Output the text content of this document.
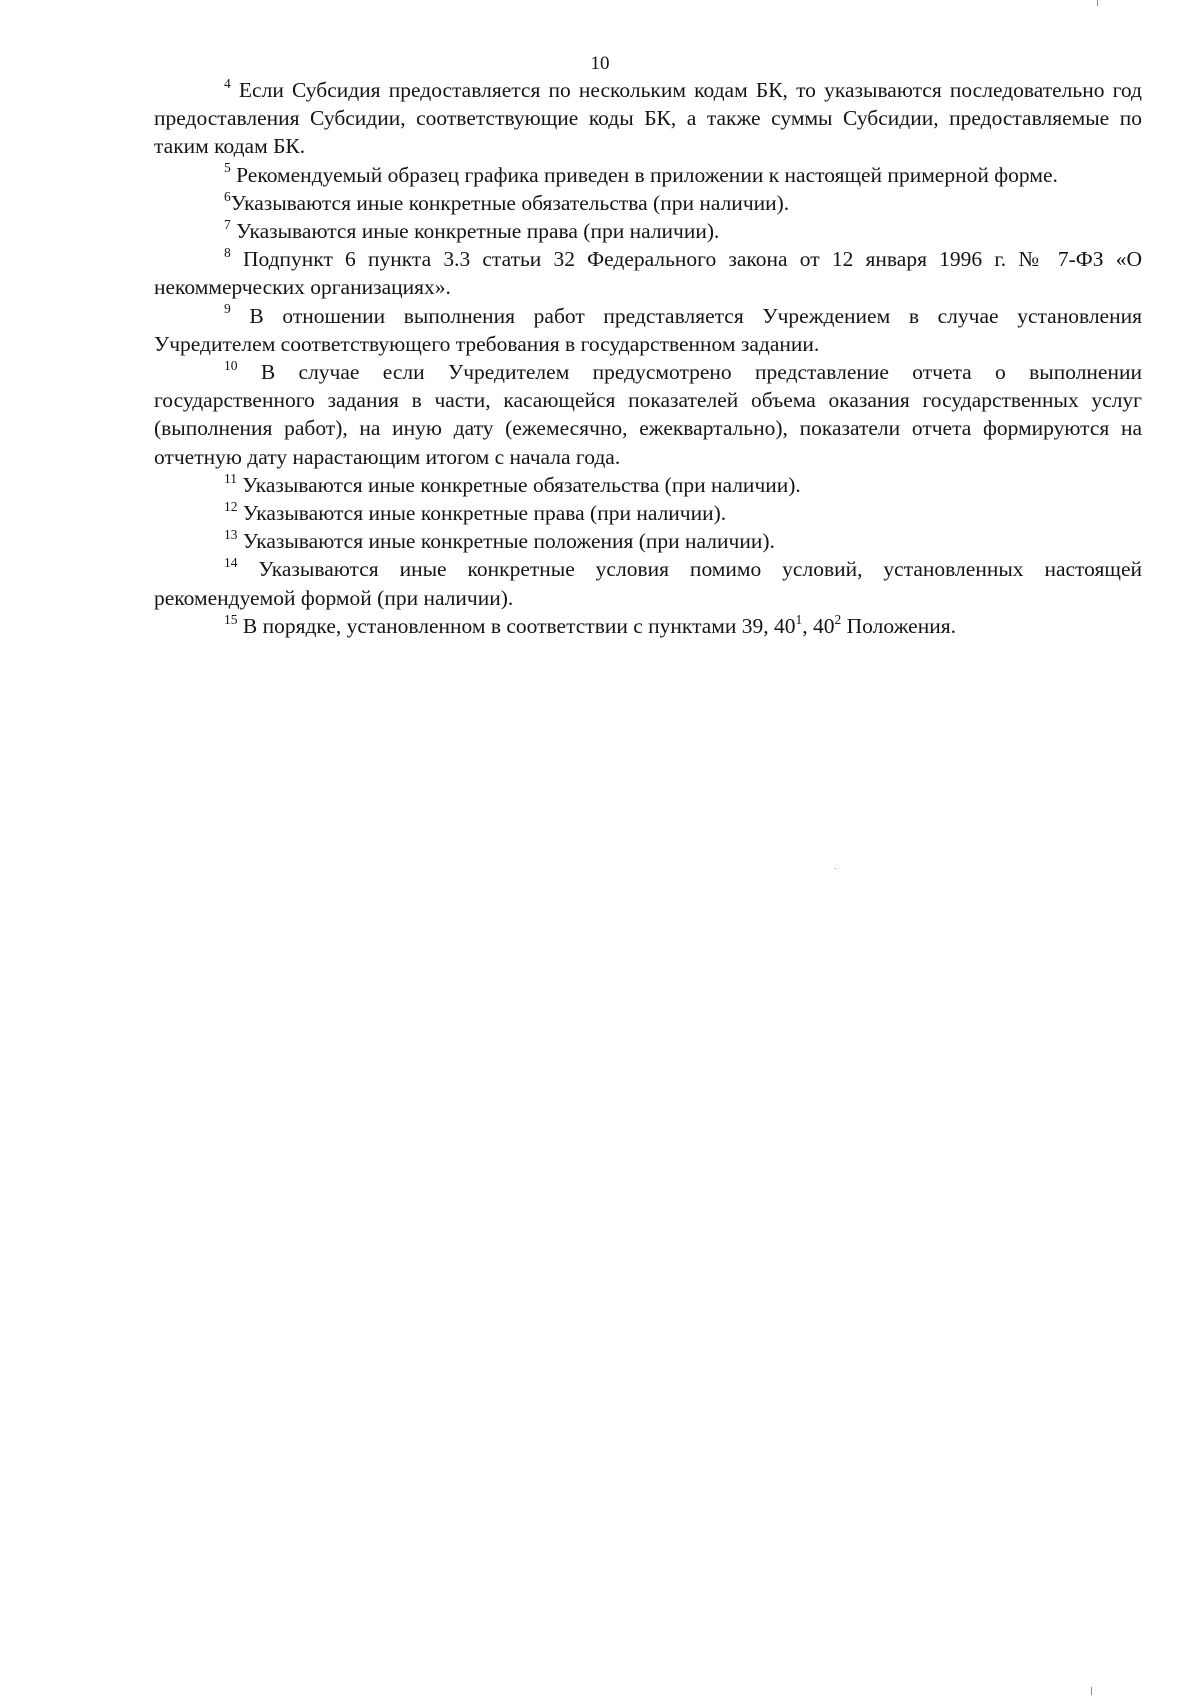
10

$^4$ Если Субсидия предоставляется по нескольким кодам БК, то указываются последовательно год предоставления Субсидии, соответствующие коды БК, а также суммы Субсидии, предоставляемые по таким кодам БК.

$^5$ Рекомендуемый образец графика приведен в приложении к настоящей примерной форме.

$^6$Указываются иные конкретные обязательства (при наличии).

$^7$ Указываются иные конкретные права (при наличии).

$^8$ Подпункт 6 пункта 3.3 статьи 32 Федерального закона от 12 января 1996 г. № 7-ФЗ «О некоммерческих организациях».

$^9$ В отношении выполнения работ представляется Учреждением в случае установления Учредителем соответствующего требования в государственном задании.

$^{10}$ В случае если Учредителем предусмотрено представление отчета о выполнении государственного задания в части, касающейся показателей объема оказания государственных услуг (выполнения работ), на иную дату (ежемесячно, ежеквартально), показатели отчета формируются на отчетную дату нарастающим итогом с начала года.

$^{11}$ Указываются иные конкретные обязательства (при наличии).

$^{12}$ Указываются иные конкретные права (при наличии).

$^{13}$ Указываются иные конкретные положения (при наличии).

$^{14}$ Указываются иные конкретные условия помимо условий, установленных настоящей рекомендуемой формой (при наличии).

$^{15}$ В порядке, установленном в соответствии с пунктами 39, $40^1$, $40^2$ Положения.
